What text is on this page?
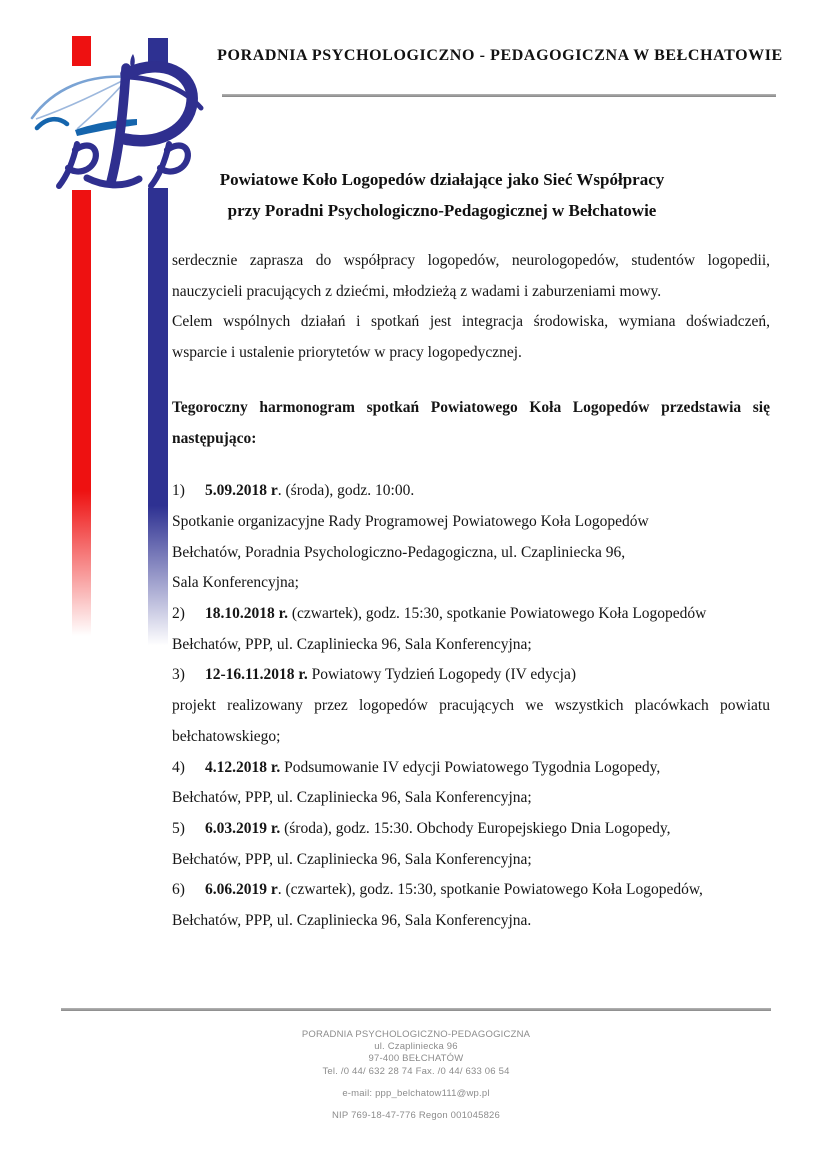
PORADNIA PSYCHOLOGICZNO - PEDAGOGICZNA W BEŁCHATOWIE
Powiatowe Koło Logopedów działające jako Sieć Współpracy
przy Poradni Psychologiczno-Pedagogicznej w Bełchatowie
serdecznie zaprasza do współpracy logopedów, neurologopedów, studentów logopedii,
nauczycieli pracujących z dziećmi, młodzieżą z wadami i zaburzeniami mowy.
Celem wspólnych działań i spotkań jest integracja środowiska, wymiana doświadczeń,
wsparcie i ustalenie priorytetów w pracy logopedycznej.
Tegoroczny harmonogram spotkań Powiatowego Koła Logopedów przedstawia się
następująco:
1) 5.09.2018 r. (środa), godz. 10:00.
Spotkanie organizacyjne Rady Programowej Powiatowego Koła Logopedów
Bełchatów, Poradnia Psychologiczno-Pedagogiczna, ul. Czapliniecka 96,
Sala Konferencyjna;
2) 18.10.2018 r. (czwartek), godz. 15:30, spotkanie Powiatowego Koła Logopedów
Bełchatów, PPP, ul. Czapliniecka 96, Sala Konferencyjna;
3) 12-16.11.2018 r. Powiatowy Tydzień Logopedy (IV edycja)
projekt realizowany przez logopedów pracujących we wszystkich placówkach powiatu
bełchatowskiego;
4) 4.12.2018 r. Podsumowanie IV edycji Powiatowego Tygodnia Logopedy,
Bełchatów, PPP, ul. Czapliniecka 96, Sala Konferencyjna;
5) 6.03.2019 r. (środa), godz. 15:30. Obchody Europejskiego Dnia Logopedy,
Bełchatów, PPP, ul. Czapliniecka 96, Sala Konferencyjna;
6) 6.06.2019 r. (czwartek), godz. 15:30, spotkanie Powiatowego Koła Logopedów,
Bełchatów, PPP, ul. Czapliniecka 96, Sala Konferencyjna.
PORADNIA PSYCHOLOGICZNO-PEDAGOGICZNA
ul. Czapliniecka 96
97-400 BEŁCHATÓW
Tel. /0 44/ 632 28 74 Fax. /0 44/ 633 06 54
e-mail: ppp_belchatow111@wp.pl
NIP 769-18-47-776 Regon 001045826
